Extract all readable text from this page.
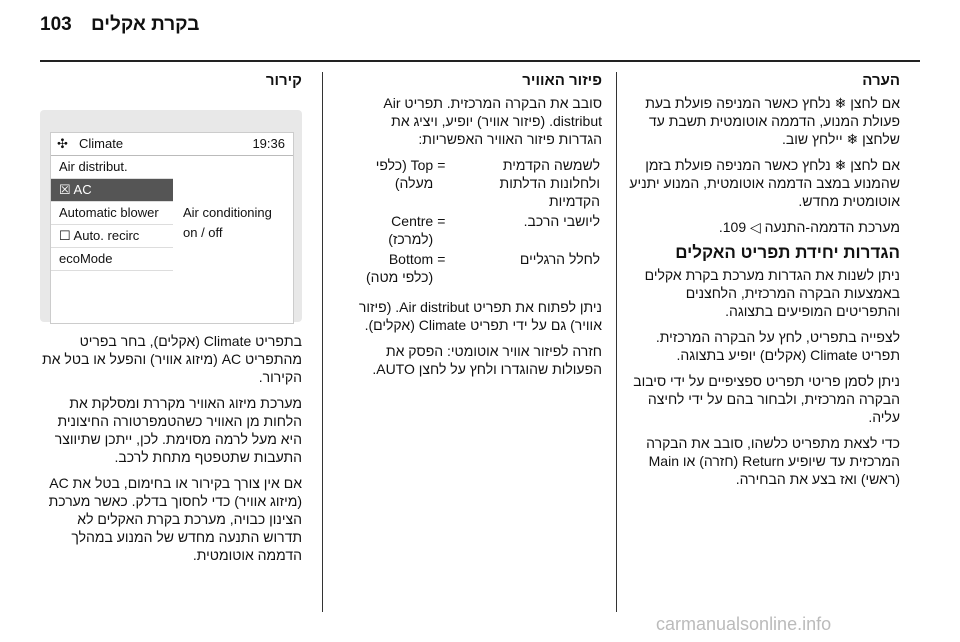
103 בקרת אקלים
הערה

אם לחצן ❄ נלחץ כאשר המניפה פועלת בעת פעולת המנוע, הדממה אוטומטית תשבת עד שלחצן ❄ יילחץ שוב.

אם לחצן ❄ נלחץ כאשר המניפה פועלת בזמן שהמנוע במצב הדממה אוטומטית, המנוע יתניע אוטומטית מחדש.

מערכת הדממה-התנעה ◁ 109.

הגדרות יחידת תפריט האקלים

ניתן לשנות את הגדרות מערכת בקרת אקלים באמצעות הבקרה המרכזית, הלחצנים והתפריטים המופיעים בתצוגה.

לצפייה בתפריט, לחץ על הבקרה המרכזית. תפריט Climate (אקלים) יופיע בתצוגה.

ניתן לסמן פריטי תפריט ספציפיים על ידי סיבוב הבקרה המרכזית, ולבחור בהם על ידי לחיצה עליה.

כדי לצאת מתפריט כלשהו, סובב את הבקרה המרכזית עד שיופיע Return (חזרה) או Main (ראשי) ואז בצע את הבחירה.

פיזור האוויר

סובב את הבקרה המרכזית. תפריט Air distribut. (פיזור אוויר) יופיע, ויציג את הגדרות פיזור האוויר האפשריות:

לשמשה הקדמית ולחלונות הדלתות הקדמיות	=	Top (כלפי מעלה)
ליושבי הרכב.	=	Centre (למרכז)
לחלל הרגליים	=	Bottom (כלפי מטה)

ניתן לפתוח את תפריט Air distribut. (פיזור אוויר) גם על ידי תפריט Climate (אקלים).

חזרה לפיזור אוויר אוטומטי: הפסק את הפעולות שהוגדרו ולחץ על לחצן AUTO.

קירור
✣ Climate	19:36
Air distribut.
☒ AC
Automatic blower
☐ Auto. recirc
ecoMode
Air conditioning
on / off

בתפריט Climate (אקלים), בחר בפריט מהתפריט AC (מיזוג אוויר) והפעל או בטל את הקירור.

מערכת מיזוג האוויר מקררת ומסלקת את הלחות מן האוויר כשהטמפרטורה החיצונית היא מעל לרמה מסוימת. לכן, ייתכן שתיווצר התעבות שתטפטף מתחת לרכב.

אם אין צורך בקירור או בחימום, בטל את AC (מיזוג אוויר) כדי לחסוך בדלק. כאשר מערכת הצינון כבויה, מערכת בקרת האקלים לא תדרוש התנעה מחדש של המנוע במהלך הדממה אוטומטית.

carmanualsonline.info
